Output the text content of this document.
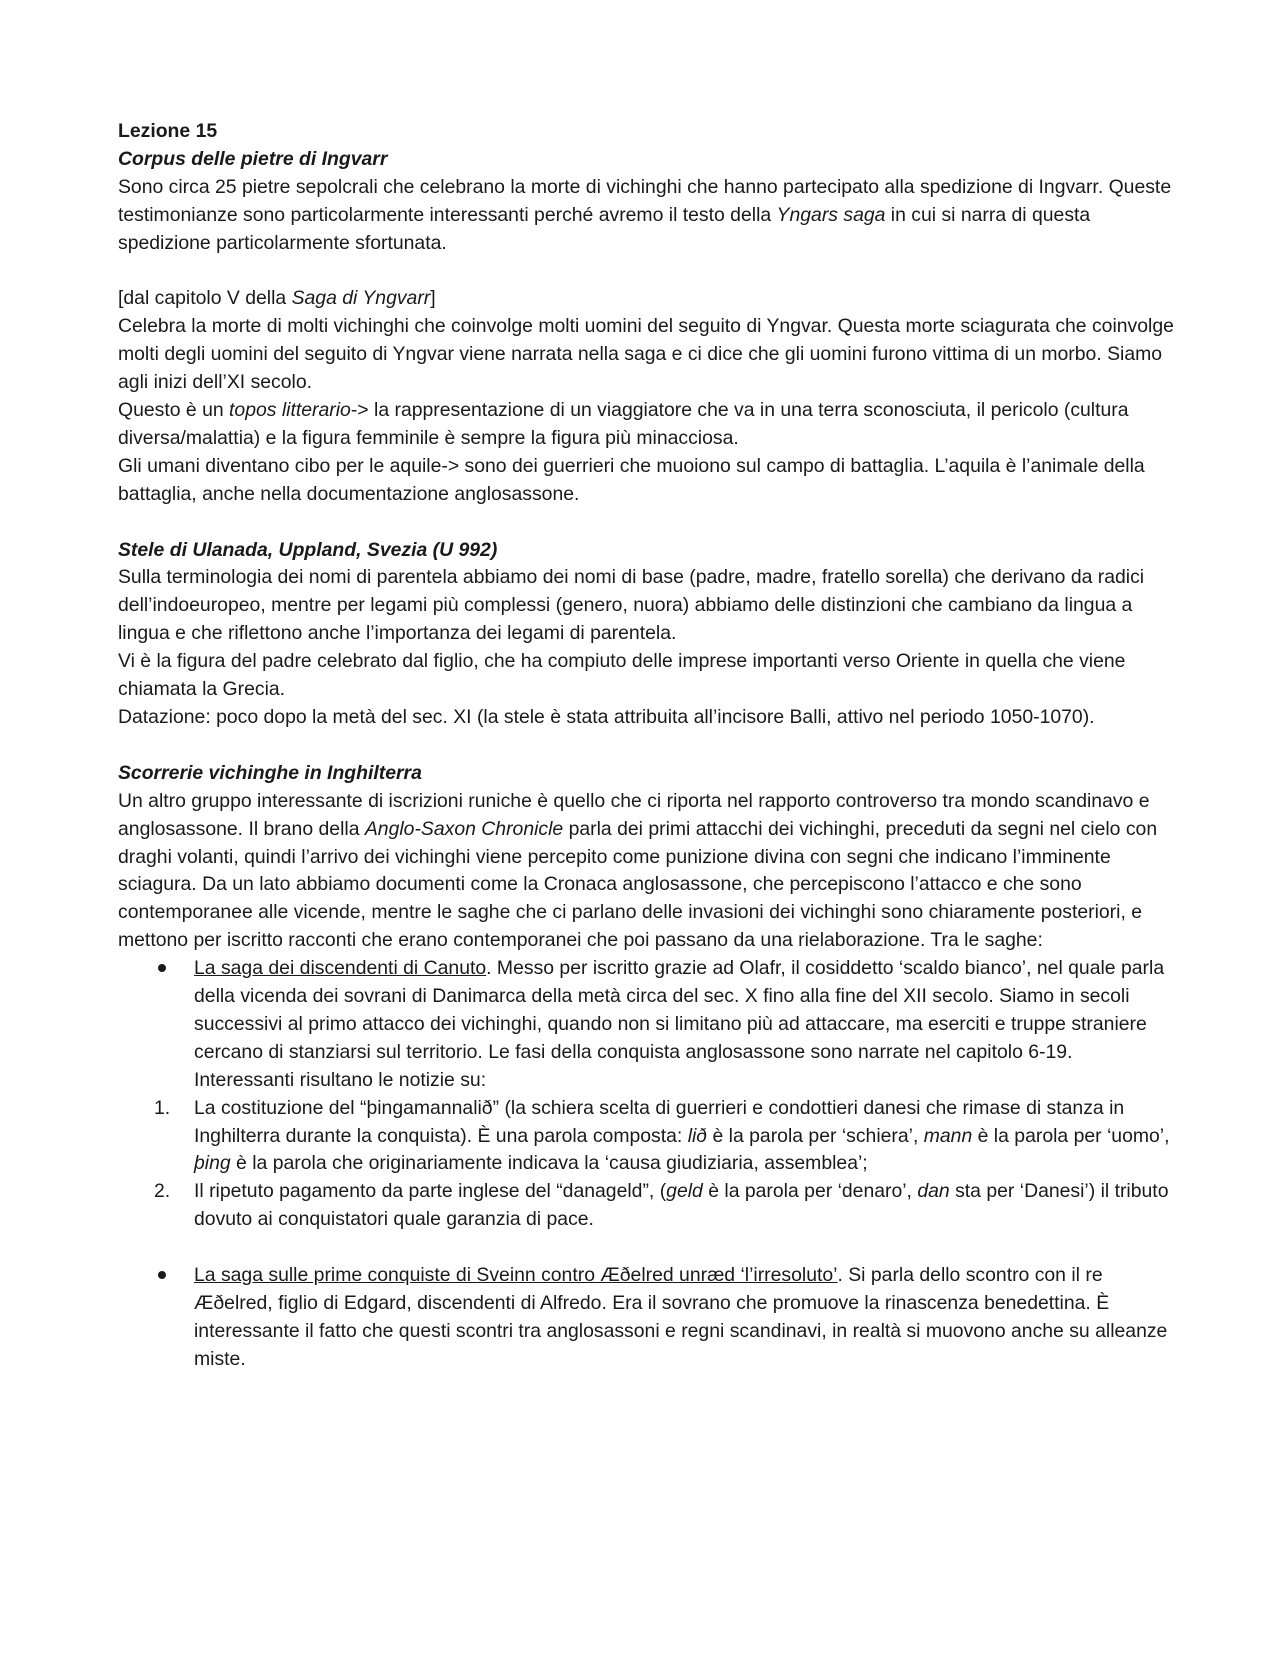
Lezione 15

Corpus delle pietre di Ingvarr

Sono circa 25 pietre sepolcrali che celebrano la morte di vichinghi che hanno partecipato alla spedizione di Ingvarr. Queste testimonianze sono particolarmente interessanti perché avremo il testo della Yngars saga in cui si narra di questa spedizione particolarmente sfortunata.

[dal capitolo V della Saga di Yngvarr]

Celebra la morte di molti vichinghi che coinvolge molti uomini del seguito di Yngvar. Questa morte sciagurata che coinvolge molti degli uomini del seguito di Yngvar viene narrata nella saga e ci dice che gli uomini furono vittima di un morbo. Siamo agli inizi dell’XI secolo.

Questo è un topos litterario-> la rappresentazione di un viaggiatore che va in una terra sconosciuta, il pericolo (cultura diversa/malattia) e la figura femminile è sempre la figura più minacciosa.

Gli umani diventano cibo per le aquile-> sono dei guerrieri che muoiono sul campo di battaglia. L’aquila è l’animale della battaglia, anche nella documentazione anglosassone.

Stele di Ulanada, Uppland, Svezia (U 992)

Sulla terminologia dei nomi di parentela abbiamo dei nomi di base (padre, madre, fratello sorella) che derivano da radici dell’indoeuropeo, mentre per legami più complessi (genero, nuora) abbiamo delle distinzioni che cambiano da lingua a lingua e che riflettono anche l’importanza dei legami di parentela.

Vi è la figura del padre celebrato dal figlio, che ha compiuto delle imprese importanti verso Oriente in quella che viene chiamata la Grecia.

Datazione: poco dopo la metà del sec. XI (la stele è stata attribuita all’incisore Balli, attivo nel periodo 1050-1070).

Scorrerie vichinghe in Inghilterra

Un altro gruppo interessante di iscrizioni runiche è quello che ci riporta nel rapporto controverso tra mondo scandinavo e anglosassone. Il brano della Anglo-Saxon Chronicle parla dei primi attacchi dei vichinghi, preceduti da segni nel cielo con draghi volanti, quindi l’arrivo dei vichinghi viene percepito come punizione divina con segni che indicano l’imminente sciagura. Da un lato abbiamo documenti come la Cronaca anglosassone, che percepiscono l’attacco e che sono contemporanee alle vicende, mentre le saghe che ci parlano delle invasioni dei vichinghi sono chiaramente posteriori, e mettono per iscritto racconti che erano contemporanei che poi passano da una rielaborazione. Tra le saghe:

La saga dei discendenti di Canuto. Messo per iscritto grazie ad Olafr, il cosiddetto ‘scaldo bianco’, nel quale parla della vicenda dei sovrani di Danimarca della metà circa del sec. X fino alla fine del XII secolo. Siamo in secoli successivi al primo attacco dei vichinghi, quando non si limitano più ad attaccare, ma eserciti e truppe straniere cercano di stanziarsi sul territorio. Le fasi della conquista anglosassone sono narrate nel capitolo 6-19. Interessanti risultano le notizie su:
1.	La costituzione del “þingamannalið” (la schiera scelta di guerrieri e condottieri danesi che rimase di stanza in Inghilterra durante la conquista). È una parola composta: lið è la parola per ‘schiera’, mann è la parola per ‘uomo’, þing è la parola che originariamente indicava la ‘causa giudiziaria, assemblea’;
2.	Il ripetuto pagamento da parte inglese del “danageld”, (geld è la parola per ‘denaro’, dan sta per ‘Danesi’) il tributo dovuto ai conquistatori quale garanzia di pace.
La saga sulle prime conquiste di Sveinn contro Æðelred unræd ‘l’irresoluto’. Si parla dello scontro con il re Æðelred, figlio di Edgard, discendenti di Alfredo. Era il sovrano che promuove la rinascenza benedettina. È interessante il fatto che questi scontri tra anglosassoni e regni scandinavi, in realtà si muovono anche su alleanze miste.
